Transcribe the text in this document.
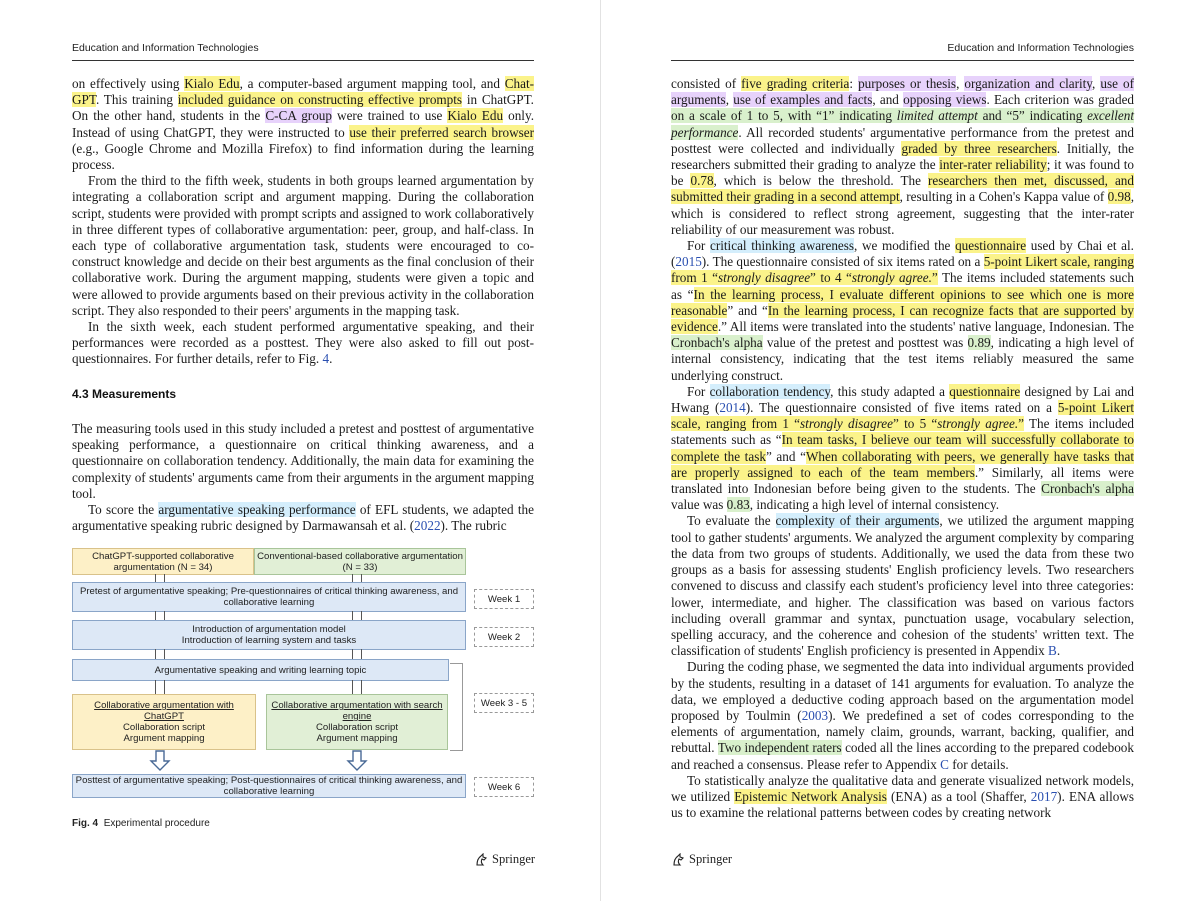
Education and Information Technologies

on effectively using Kialo Edu, a computer-based argument mapping tool, and Chat-GPT. This training included guidance on constructing effective prompts in ChatGPT. On the other hand, students in the C-CA group were trained to use Kialo Edu only. Instead of using ChatGPT, they were instructed to use their preferred search browser (e.g., Google Chrome and Mozilla Firefox) to find information during the learning process.

From the third to the fifth week, students in both groups learned argumentation by integrating a collaboration script and argument mapping. During the collaboration script, students were provided with prompt scripts and assigned to work collaboratively in three different types of collaborative argumentation: peer, group, and half-class. In each type of collaborative argumentation task, students were encouraged to co-construct knowledge and decide on their best arguments as the final conclusion of their collaborative work. During the argument mapping, students were given a topic and were allowed to provide arguments based on their previous activity in the collaboration script. They also responded to their peers' arguments in the mapping task.

In the sixth week, each student performed argumentative speaking, and their performances were recorded as a posttest. They were also asked to fill out post-questionnaires. For further details, refer to Fig. 4.

4.3 Measurements

The measuring tools used in this study included a pretest and posttest of argumentative speaking performance, a questionnaire on critical thinking awareness, and a questionnaire on collaboration tendency. Additionally, the main data for examining the complexity of students' arguments came from their arguments in the argument mapping tool.

To score the argumentative speaking performance of EFL students, we adapted the argumentative speaking rubric designed by Darmawansah et al. (2022). The rubric

ChatGPT-supported collaborative argumentation (N = 34)
Conventional-based collaborative argumentation (N = 33)
Pretest of argumentative speaking; Pre-questionnaires of critical thinking awareness, and collaborative learning	Week 1
Introduction of argumentation model
Introduction of learning system and tasks	Week 2
Argumentative speaking and writing learning topic
Collaborative argumentation with ChatGPT
Collaboration script
Argument mapping
Collaborative argumentation with search engine
Collaboration script
Argument mapping
Week 3 - 5
Posttest of argumentative speaking; Post-questionnaires of critical thinking awareness, and collaborative learning	Week 6
Fig. 4 Experimental procedure
Springer
Education and Information Technologies

consisted of five grading criteria: purposes or thesis, organization and clarity, use of arguments, use of examples and facts, and opposing views. Each criterion was graded on a scale of 1 to 5, with “1” indicating limited attempt and “5” indicating excellent performance. All recorded students' argumentative performance from the pretest and posttest were collected and individually graded by three researchers. Initially, the researchers submitted their grading to analyze the inter-rater reliability; it was found to be 0.78, which is below the threshold. The researchers then met, discussed, and submitted their grading in a second attempt, resulting in a Cohen's Kappa value of 0.98, which is considered to reflect strong agreement, suggesting that the inter-rater reliability of our measurement was robust.

For critical thinking awareness, we modified the questionnaire used by Chai et al. (2015). The questionnaire consisted of six items rated on a 5-point Likert scale, ranging from 1 “strongly disagree” to 4 “strongly agree.” The items included statements such as “In the learning process, I evaluate different opinions to see which one is more reasonable” and “In the learning process, I can recognize facts that are supported by evidence.” All items were translated into the students' native language, Indonesian. The Cronbach's alpha value of the pretest and posttest was 0.89, indicating a high level of internal consistency, indicating that the test items reliably measured the same underlying construct.

For collaboration tendency, this study adapted a questionnaire designed by Lai and Hwang (2014). The questionnaire consisted of five items rated on a 5-point Likert scale, ranging from 1 “strongly disagree” to 5 “strongly agree.” The items included statements such as “In team tasks, I believe our team will successfully collaborate to complete the task” and “When collaborating with peers, we generally have tasks that are properly assigned to each of the team members.” Similarly, all items were translated into Indonesian before being given to the students. The Cronbach's alpha value was 0.83, indicating a high level of internal consistency.

To evaluate the complexity of their arguments, we utilized the argument mapping tool to gather students' arguments. We analyzed the argument complexity by comparing the data from two groups of students. Additionally, we used the data from these two groups as a basis for assessing students' English proficiency levels. Two researchers convened to discuss and classify each student's proficiency level into three categories: lower, intermediate, and higher. The classification was based on various factors including overall grammar and syntax, punctuation usage, vocabulary selection, spelling accuracy, and the coherence and cohesion of the students' written text. The classification of students' English proficiency is presented in Appendix B.

During the coding phase, we segmented the data into individual arguments provided by the students, resulting in a dataset of 141 arguments for evaluation. To analyze the data, we employed a deductive coding approach based on the argumentation model proposed by Toulmin (2003). We predefined a set of codes corresponding to the elements of argumentation, namely claim, grounds, warrant, backing, qualifier, and rebuttal. Two independent raters coded all the lines according to the prepared codebook and reached a consensus. Please refer to Appendix C for details.

To statistically analyze the qualitative data and generate visualized network models, we utilized Epistemic Network Analysis (ENA) as a tool (Shaffer, 2017). ENA allows us to examine the relational patterns between codes by creating network

Springer
